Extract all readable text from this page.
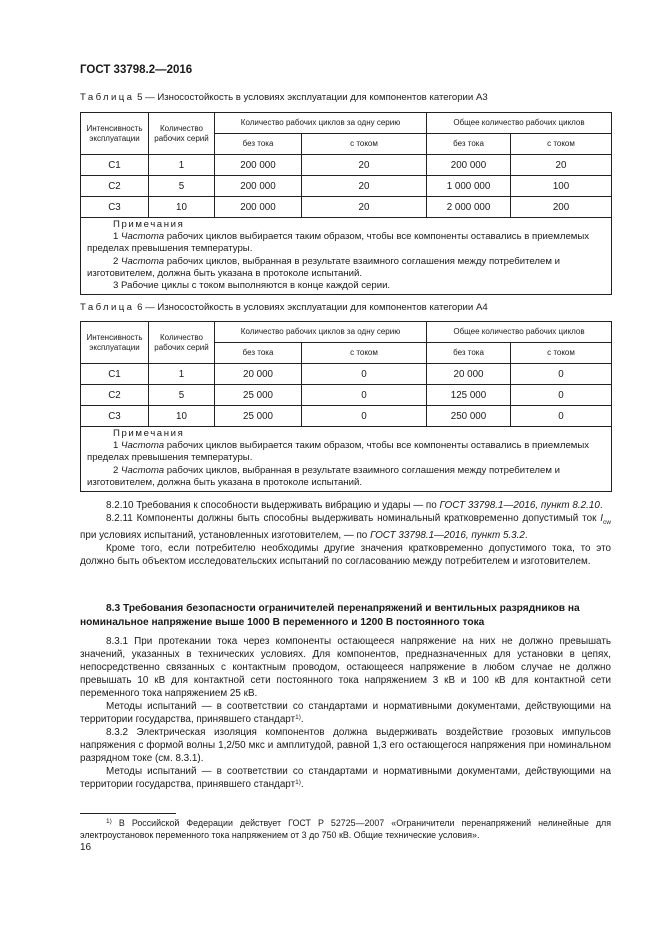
ГОСТ 33798.2—2016
Таблица 5 — Износостойкость в условиях эксплуатации для компонентов категории А3
Интенсивность эксплуатации	Количество рабочих серий	Количество рабочих циклов за одну серию		Общее количество рабочих циклов	
		без тока	с током	без тока	с током
С1	1	200 000	20	200 000	20
С2	5	200 000	20	1 000 000	100
С3	10	200 000	20	2 000 000	200

Примечания
1 Частота рабочих циклов выбирается таким образом, чтобы все компоненты оставались в приемлемых пределах превышения температуры.
2 Частота рабочих циклов, выбранная в результате взаимного соглашения между потребителем и изготовителем, должна быть указана в протоколе испытаний.
3 Рабочие циклы с током выполняются в конце каждой серии.					
Таблица 6 — Износостойкость в условиях эксплуатации для компонентов категории А4
Интенсивность эксплуатации	Количество рабочих серий	Количество рабочих циклов за одну серию		Общее количество рабочих циклов	
		без тока	с током	без тока	с током
С1	1	20 000	0	20 000	0
С2	5	25 000	0	125 000	0
С3	10	25 000	0	250 000	0

Примечания
1 Частота рабочих циклов выбирается таким образом, чтобы все компоненты оставались в приемлемых пределах превышения температуры.
2 Частота рабочих циклов, выбранная в результате взаимного соглашения между потребителем и изготовителем, должна быть указана в протоколе испытаний.					

8.2.10 Требования к способности выдерживать вибрацию и удары — по ГОСТ 33798.1—2016, пункт 8.2.10.

8.2.11 Компоненты должны быть способны выдерживать номинальный кратковременно допустимый ток $I_{cw}$ при условиях испытаний, установленных изготовителем, — по ГОСТ 33798.1—2016, пункт 5.3.2.

Кроме того, если потребителю необходимы другие значения кратковременно допустимого тока, то это должно быть объектом исследовательских испытаний по согласованию между потребителем и изготовителем.

8.3 Требования безопасности ограничителей перенапряжений и вентильных разрядников на номинальное напряжение выше 1000 В переменного и 1200 В постоянного тока

8.3.1 При протекании тока через компоненты остающееся напряжение на них не должно превышать значений, указанных в технических условиях. Для компонентов, предназначенных для установки в цепях, непосредственно связанных с контактным проводом, остающееся напряжение в любом случае не должно превышать 10 кВ для контактной сети постоянного тока напряжением 3 кВ и 100 кВ для контактной сети переменного тока напряжением 25 кВ.

Методы испытаний — в соответствии со стандартами и нормативными документами, действующими на территории государства, принявшего стандарт$^{1)}$.

8.3.2 Электрическая изоляция компонентов должна выдерживать воздействие грозовых импульсов напряжения с формой волны 1,2/50 мкс и амплитудой, равной 1,3 его остающегося напряжения при номинальном разрядном токе (см. 8.3.1).

Методы испытаний — в соответствии со стандартами и нормативными документами, действующими на территории государства, принявшего стандарт$^{1)}$.

$^{1)}$ В Российской Федерации действует ГОСТ Р 52725—2007 «Ограничители перенапряжений нелинейные для электроустановок переменного тока напряжением от 3 до 750 кВ. Общие технические условия».

16
